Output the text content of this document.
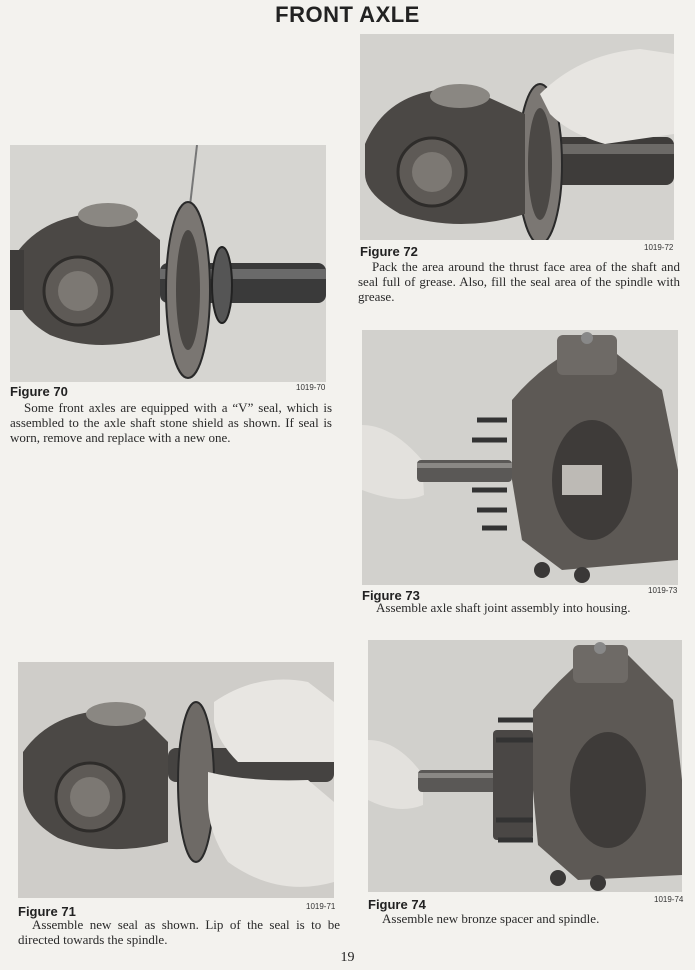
FRONT AXLE
Figure 70	1019-70
Some front axles are equipped with a “V” seal, which is assembled to the axle shaft stone shield as shown. If seal is worn, remove and replace with a new one.
Figure 71	1019-71
Assemble new seal as shown. Lip of the seal is to be directed towards the spindle.
Figure 72	1019-72
Pack the area around the thrust face area of the shaft and seal full of grease. Also, fill the seal area of the spindle with grease.
Figure 73	1019-73
Assemble axle shaft joint assembly into housing.
Figure 74	1019-74
Assemble new bronze spacer and spindle.
19
